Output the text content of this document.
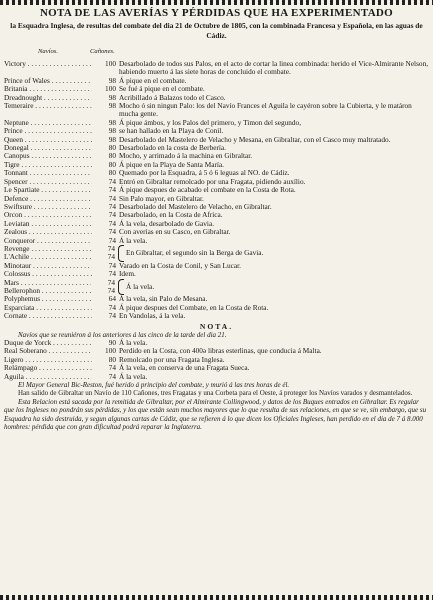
NOTA DE LAS AVERÍAS Y PÉRDIDAS QUE HA EXPERIMENTADO
la Esquadra Inglesa, de resultas del combate del dia 21 de Octubre de 1805, con la combinada Francesa y Española, en las aguas de Cádiz.
Navíos.	Cañones.
Victory . . .	100 Desarbolado de todos sus Palos, en el acto de cortar la linea combinada: herido el Vice-Almirante Nelson, habiendo muerto á las siete horas de concluido el combate.
Prince of Wales . . .	98 Á pique en el combate.
Britania . . .	100 Se fué á pique en el combate.
Dreadnought . . .	98 Acribillado á Balazos todo el Casco.
Temeraire . . .	98 Mocho ó sin ningun Palo: los del Navío Frances el Aguila le cayéron sobre la Cubierta, y le matáron mucha gente.
Neptune . . .	98 Á pique ámbos, y los Palos del primero, y Timon del segundo,
Prince . . .	98 se han hallado en la Playa de Conil.
Queen . . .	98 Desarbolado del Mastelero de Velacho y Mesana, en Gibraltar, con el Casco muy maltratado.
Donegal . . .	80 Desarbolado en la costa de Berbería.
Canopus . . .	80 Mocho, y arrimado á la machina en Gibraltar.
Tigre . . .	80 Á pique en la Playa de Santa María.
Tonnant . . .	80 Quemado por la Esquadra, á 5 ó 6 leguas al NO. de Cádiz.
Spencer . . .	74 Entró en Gibraltar remolcado por una Fragata, pidiendo auxílio.
Le Spartiate . . .	74 Á pique despues de acabado el combate en la Costa de Rota.
Defence . . .	74 Sin Palo mayor, en Gibraltar.
Swiftsure . . .	74 Desarbolado del Mastelero de Velacho, en Gibraltar.
Orcon . . .	74 Desarbolado, en la Costa de Africa.
Leviatan . . .	74 Á la vela, desarbolado de Gavia.
Zealous . . .	74 Con averías en su Casco, en Gibraltar.
Conqueror . . .	74 Á la vela.
Revenge . . .	74
L'Achile . . .	74	En Gibraltar, el segundo sin la Berga de Gavia.
Minotaur . . .	74 Varado en la Costa de Conil, y San Lucar.
Colossus . . .	74 Idem.
Mars . . .	74
Bellerophon . . .	74	Á la vela.
Polyphemus . . .	64 Á la vela, sin Palo de Mesana.
Esparciata . . .	74 Á pique despues del Combate, en la Costa de Rota.
Cornate . . .	74 En Vandolas, á la vela.
NOTA.
Navíos que se reuniéron á los anteriores á las cinco de la tarde del dia 21.
Duque de Yorck . . .	90 Á la vela.
Real Soberano . . .	100 Perdido en la Costa, con 400ǝ libras esterlinas, que conducia á Malta.
Ligero . . .	80 Remolcado por una Fragata Inglesa.
Relámpago . . .	74 Á la vela, en conserva de una Fragata Sueca.
Aguila . . .	74 Á la vela.
El Mayor General Bic-Reston, fué herido á principio del combate, y murió á las tres horas de él.
Han salido de Gibraltar un Navío de 110 Cañones, tres Fragatas y una Corbeta para el Oeste, á proteger los Navíos varados y desmantelados.
Esta Relacion está sacada por la remitida de Gibraltar, por el Almirante Collingwood, y datos de los Buques entrados en Gibraltar. Es regular que los Ingleses no pondrán sus pérdidas, y los que están sean muchos mayores que lo que resulta de sus relaciones, en que se ve, sin embargo, que su Esquadra ha sido destruida, y segun algunas cartas de Cádiz, que se refieren á lo que dicen los Oficiales Ingleses, han perdido en el dia de 7 á 8.000 hombres: pérdida que con gran dificultad podrá reparar la Inglaterra.
